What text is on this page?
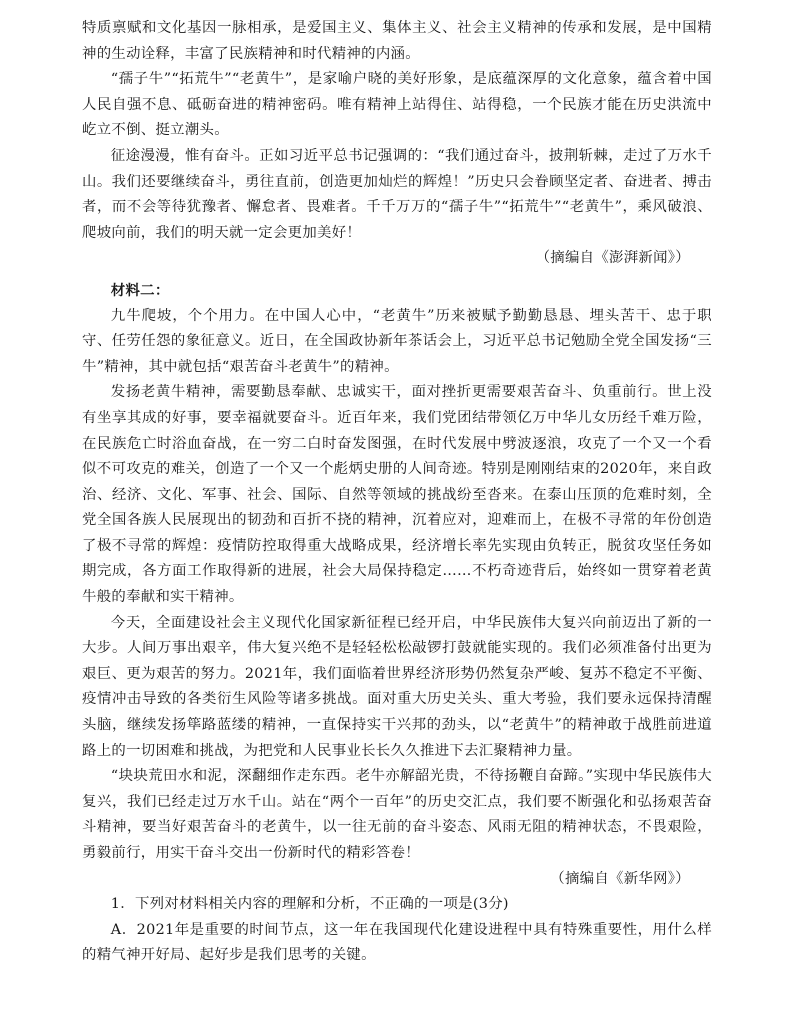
特质禀赋和文化基因一脉相承，是爱国主义、集体主义、社会主义精神的传承和发展，是中国精神的生动诠释，丰富了民族精神和时代精神的内涵。

“孺子牛”“拓荒牛”“老黄牛”，是家喻户晓的美好形象，是底蕴深厚的文化意象，蕴含着中国人民自强不息、砥砺奋进的精神密码。唯有精神上站得住、站得稳，一个民族才能在历史洪流中屹立不倒、挺立潮头。

征途漫漫，惟有奋斗。正如习近平总书记强调的：“我们通过奋斗，披荆斩棘，走过了万水千山。我们还要继续奋斗，勇往直前，创造更加灿烂的辉煌！”历史只会眷顾坚定者、奋进者、搏击者，而不会等待犹豫者、懈怠者、畏难者。千千万万的“孺子牛”“拓荒牛”“老黄牛”，乘风破浪、爬坡向前，我们的明天就一定会更加美好！

（摘编自《澎湃新闻》）

材料二：

九牛爬坡，个个用力。在中国人心中，“老黄牛”历来被赋予勤勤恳恳、埋头苦干、忠于职守、任劳任怨的象征意义。近日，在全国政协新年茶话会上，习近平总书记勉励全党全国发扬“三牛”精神，其中就包括“艰苦奋斗老黄牛”的精神。

发扬老黄牛精神，需要勤恳奉献、忠诚实干，面对挫折更需要艰苦奋斗、负重前行。世上没有坐享其成的好事，要幸福就要奋斗。近百年来，我们党团结带领亿万中华儿女历经千难万险，在民族危亡时浴血奋战，在一穷二白时奋发图强，在时代发展中劈波逐浪，攻克了一个又一个看似不可攻克的难关，创造了一个又一个彪炳史册的人间奇迹。特别是刚刚结束的2020年，来自政治、经济、文化、军事、社会、国际、自然等领域的挑战纷至沓来。在泰山压顶的危难时刻，全党全国各族人民展现出的韧劲和百折不挠的精神，沉着应对，迎难而上，在极不寻常的年份创造了极不寻常的辉煌：疫情防控取得重大战略成果，经济增长率先实现由负转正，脱贫攻坚任务如期完成，各方面工作取得新的进展，社会大局保持稳定……不朽奇迹背后，始终如一贯穿着老黄牛般的奉献和实干精神。

今天，全面建设社会主义现代化国家新征程已经开启，中华民族伟大复兴向前迈出了新的一大步。人间万事出艰辛，伟大复兴绝不是轻轻松松敲锣打鼓就能实现的。我们必须准备付出更为艰巨、更为艰苦的努力。2021年，我们面临着世界经济形势仍然复杂严峻、复苏不稳定不平衡、疫情冲击导致的各类衍生风险等诸多挑战。面对重大历史关头、重大考验，我们要永远保持清醒头脑，继续发扬筚路蓝缕的精神，一直保持实干兴邦的劲头，以“老黄牛”的精神敢于战胜前进道路上的一切困难和挑战，为把党和人民事业长长久久推进下去汇聚精神力量。

“块块荒田水和泥，深翻细作走东西。老牛亦解韶光贵，不待扬鞭自奋蹄。”实现中华民族伟大复兴，我们已经走过万水千山。站在“两个一百年”的历史交汇点，我们要不断强化和弘扬艰苦奋斗精神，要当好艰苦奋斗的老黄牛，以一往无前的奋斗姿态、风雨无阻的精神状态，不畏艰险，勇毅前行，用实干奋斗交出一份新时代的精彩答卷！

（摘编自《新华网》）

1．下列对材料相关内容的理解和分析，不正确的一项是(3分)

A．2021年是重要的时间节点，这一年在我国现代化建设进程中具有特殊重要性，用什么样的精气神开好局、起好步是我们思考的关键。
